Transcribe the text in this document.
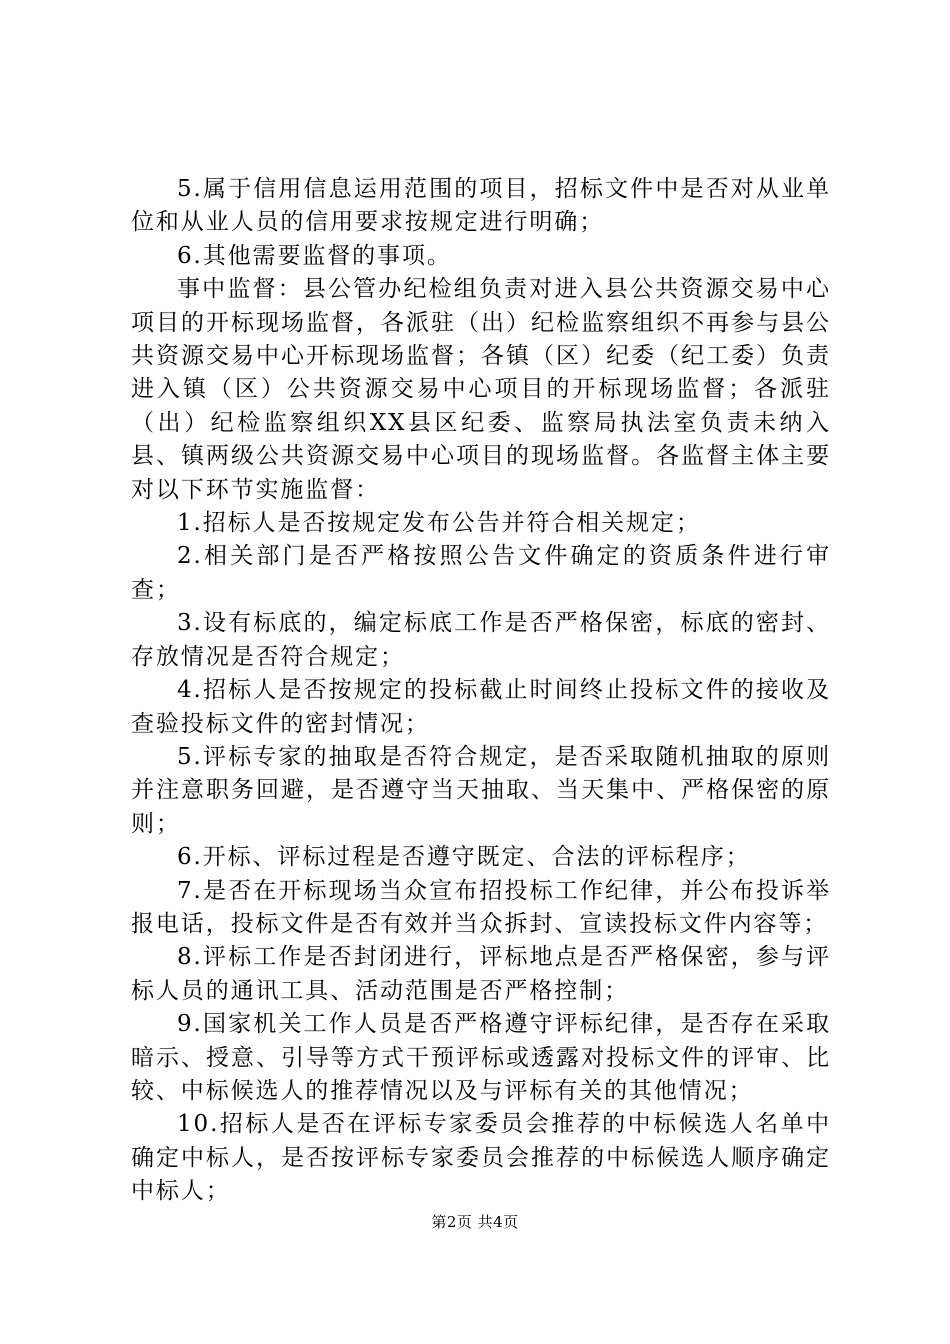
5.属于信用信息运用范围的项目，招标文件中是否对从业单位和从业人员的信用要求按规定进行明确；

6.其他需要监督的事项。

事中监督：县公管办纪检组负责对进入县公共资源交易中心项目的开标现场监督，各派驻（出）纪检监察组织不再参与县公共资源交易中心开标现场监督；各镇（区）纪委（纪工委）负责进入镇（区）公共资源交易中心项目的开标现场监督；各派驻（出）纪检监察组织XX县区纪委、监察局执法室负责未纳入县、镇两级公共资源交易中心项目的现场监督。各监督主体主要对以下环节实施监督：

1.招标人是否按规定发布公告并符合相关规定；

2.相关部门是否严格按照公告文件确定的资质条件进行审查；

3.设有标底的，编定标底工作是否严格保密，标底的密封、存放情况是否符合规定；

4.招标人是否按规定的投标截止时间终止投标文件的接收及查验投标文件的密封情况；

5.评标专家的抽取是否符合规定，是否采取随机抽取的原则并注意职务回避，是否遵守当天抽取、当天集中、严格保密的原则；

6.开标、评标过程是否遵守既定、合法的评标程序；

7.是否在开标现场当众宣布招投标工作纪律，并公布投诉举报电话，投标文件是否有效并当众拆封、宣读投标文件内容等；

8.评标工作是否封闭进行，评标地点是否严格保密，参与评标人员的通讯工具、活动范围是否严格控制；

9.国家机关工作人员是否严格遵守评标纪律，是否存在采取暗示、授意、引导等方式干预评标或透露对投标文件的评审、比较、中标候选人的推荐情况以及与评标有关的其他情况；

10.招标人是否在评标专家委员会推荐的中标候选人名单中确定中标人，是否按评标专家委员会推荐的中标候选人顺序确定中标人；

第2页 共4页
